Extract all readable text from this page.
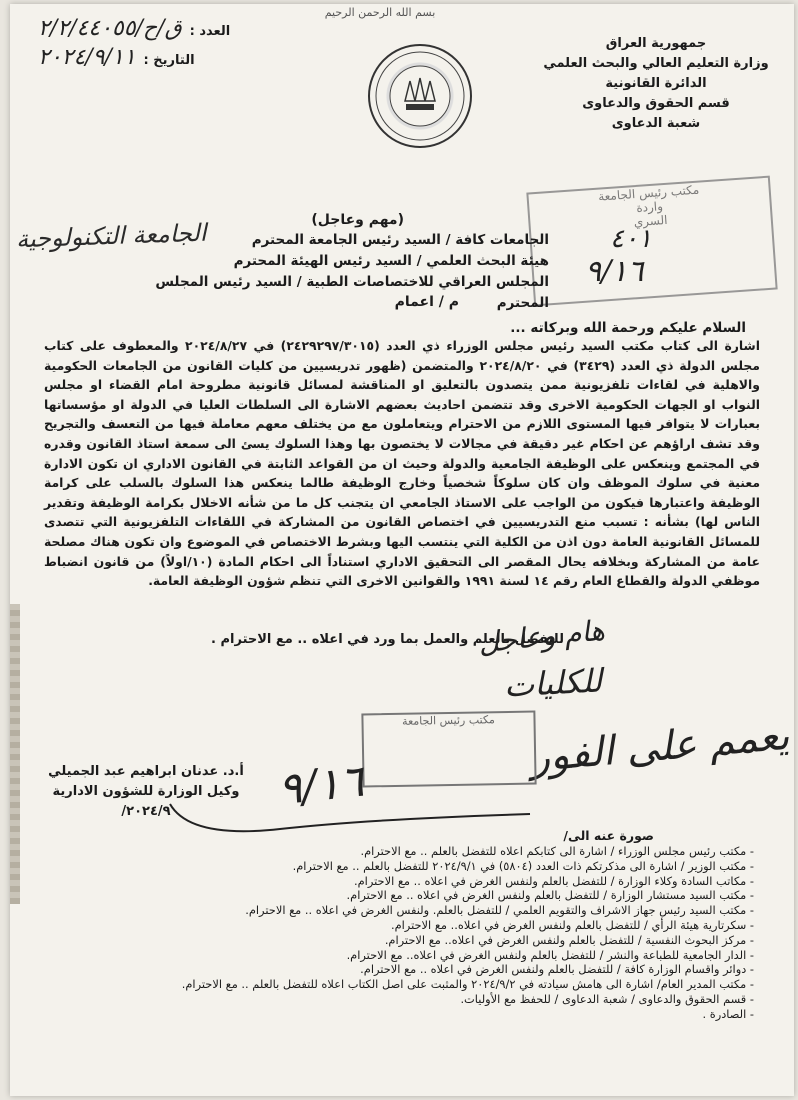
بسم الله الرحمن الرحيم
جمهورية العراق
وزارة التعليم العالي والبحث العلمي
الدائرة القانونية
قسم الحقوق والدعاوى
شعبة الدعاوى
العدد :
ق/ح/٢/٢/٤٤٠٥٥
التاريخ :
٢٠٢٤/٩/١١
الجامعة التكنولوجية
مكتب رئيس الجامعة
واردة
السري
٤٠١
٩/١٦
(مهم وعاجل)
الجامعات كافة / السيد رئيس الجامعة المحترم
هيئة البحث العلمي / السيد رئيس الهيئة المحترم
المجلس العراقي للاختصاصات الطبية / السيد رئيس المجلس المحترم
م / اعمام
السلام عليكم ورحمة الله وبركاته ...

اشارة الى كتاب مكتب السيد رئيس مجلس الوزراء ذي العدد (٢٤٢٩٢٩٧/٣٠١٥) في ٢٠٢٤/٨/٢٧ والمعطوف على كتاب مجلس الدولة ذي العدد (٣٤٢٩) في ٢٠٢٤/٨/٢٠ والمتضمن (ظهور تدريسيين من كليات القانون من الجامعات الحكومية والاهلية في لقاءات تلفزيونية ممن يتصدون بالتعليق او المناقشة لمسائل قانونية مطروحة امام القضاء او مجلس النواب او الجهات الحكومية الاخرى وقد تتضمن احاديث بعضهم الاشارة الى السلطات العليا في الدولة او مؤسساتها بعبارات لا يتوافر فيها المستوى اللازم من الاحترام ويتعاملون مع من يختلف معهم معاملة فيها من التعسف والتجريح وقد تشف اراؤهم عن احكام غير دقيقة في مجالات لا يختصون بها وهذا السلوك يسئ الى سمعة استاذ القانون وقدره في المجتمع وينعكس على الوظيفة الجامعية والدولة وحيث ان من القواعد الثابتة في القانون الاداري ان تكون الادارة معنية في سلوك الموظف وان كان سلوكاً شخصياً وخارج الوظيفة طالما ينعكس هذا السلوك بالسلب على كرامة الوظيفة واعتبارها فيكون من الواجب على الاستاذ الجامعي ان يتجنب كل ما من شأنه الاخلال بكرامة الوظيفة وتقدير الناس لها) بشأنه : تسبب منع التدريسيين في اختصاص القانون من المشاركة في اللقاءات التلفزيونية التي تتصدى للمسائل القانونية العامة دون اذن من الكلية التي ينتسب اليها وبشرط الاختصاص في الموضوع وان تكون هناك مصلحة عامة من المشاركة وبخلافه يحال المقصر الى التحقيق الاداري استناداً الى احكام المادة (١٠/اولاً) من قانون انضباط موظفي الدولة والقطاع العام رقم ١٤ لسنة ١٩٩١ والقوانين الاخرى التي تنظم شؤون الوظيفة العامة.

للتفضل بالعلم والعمل بما ورد في اعلاه .. مع الاحترام .
هام وعاجل
للكليات
يعمم على الفور
مكتب رئيس الجامعة
٩/١٦
أ.د. عدنان ابراهيم عبد الجميلي
وكيل الوزارة للشؤون الادارية
٢٠٢٤/٩/
صورة عنه الى/
- مكتب رئيس مجلس الوزراء / اشارة الى كتابكم اعلاه للتفضل بالعلم .. مع الاحترام.
- مكتب الوزير / اشارة الى مذكرتكم ذات العدد (٥٨٠٤) في ٢٠٢٤/٩/١ للتفضل بالعلم .. مع الاحترام.
- مكاتب السادة وكلاء الوزارة / للتفضل بالعلم ولنفس الغرض في اعلاه .. مع الاحترام.
- مكتب السيد مستشار الوزارة / للتفضل بالعلم ولنفس الغرض في اعلاه .. مع الاحترام.
- مكتب السيد رئيس جهاز الاشراف والتقويم العلمي / للتفضل بالعلم. ولنفس الغرض في اعلاه .. مع الاحترام.
- سكرتارية هيئة الرأي / للتفضل بالعلم ولنفس الغرض في اعلاه.. مع الاحترام.
- مركز البحوث النفسية / للتفضل بالعلم ولنفس الغرض في اعلاه.. مع الاحترام.
- الدار الجامعية للطباعة والنشر / للتفضل بالعلم ولنفس الغرض في اعلاه.. مع الاحترام.
- دوائر واقسام الوزارة كافة / للتفضل بالعلم ولنفس الغرض في اعلاه .. مع الاحترام.
- مكتب المدير العام/ اشارة الى هامش سيادته في ٢٠٢٤/٩/٢ والمثبت على اصل الكتاب اعلاه للتفضل بالعلم .. مع الاحترام.
- قسم الحقوق والدعاوى / شعبة الدعاوى / للحفظ مع الأوليات.
- الصادرة .
